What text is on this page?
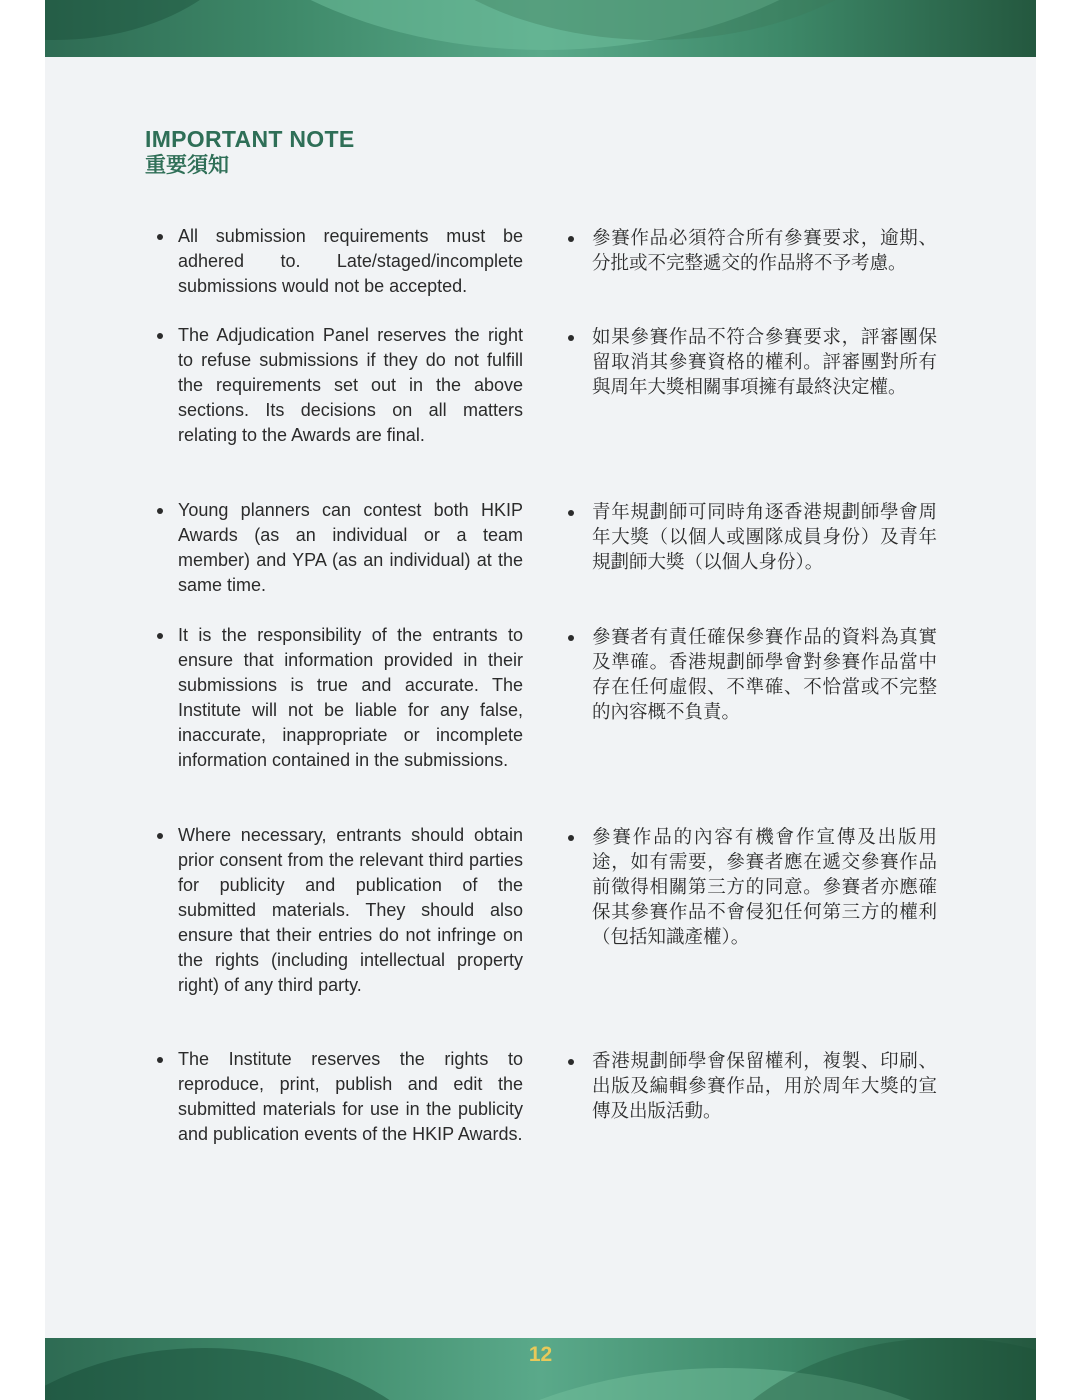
IMPORTANT NOTE
重要須知
All submission requirements must be adhered to. Late/staged/incomplete submissions would not be accepted.
參賽作品必須符合所有參賽要求，逾期、分批或不完整遞交的作品將不予考慮。
The Adjudication Panel reserves the right to refuse submissions if they do not fulfill the requirements set out in the above sections. Its decisions on all matters relating to the Awards are final.
如果參賽作品不符合參賽要求，評審團保留取消其參賽資格的權利。評審團對所有與周年大獎相關事項擁有最終決定權。
Young planners can contest both HKIP Awards (as an individual or a team member) and YPA (as an individual) at the same time.
青年規劃師可同時角逐香港規劃師學會周年大獎（以個人或團隊成員身份）及青年規劃師大獎（以個人身份）。
It is the responsibility of the entrants to ensure that information provided in their submissions is true and accurate. The Institute will not be liable for any false, inaccurate, inappropriate or incomplete information contained in the submissions.
參賽者有責任確保參賽作品的資料為真實及準確。香港規劃師學會對參賽作品當中存在任何虛假、不準確、不恰當或不完整的內容概不負責。
Where necessary, entrants should obtain prior consent from the relevant third parties for publicity and publication of the submitted materials. They should also ensure that their entries do not infringe on the rights (including intellectual property right) of any third party.
參賽作品的內容有機會作宣傳及出版用途，如有需要，參賽者應在遞交參賽作品前徵得相關第三方的同意。參賽者亦應確保其參賽作品不會侵犯任何第三方的權利（包括知識產權）。
The Institute reserves the rights to reproduce, print, publish and edit the submitted materials for use in the publicity and publication events of the HKIP Awards.
香港規劃師學會保留權利，複製、印刷、出版及編輯參賽作品，用於周年大獎的宣傳及出版活動。
12
